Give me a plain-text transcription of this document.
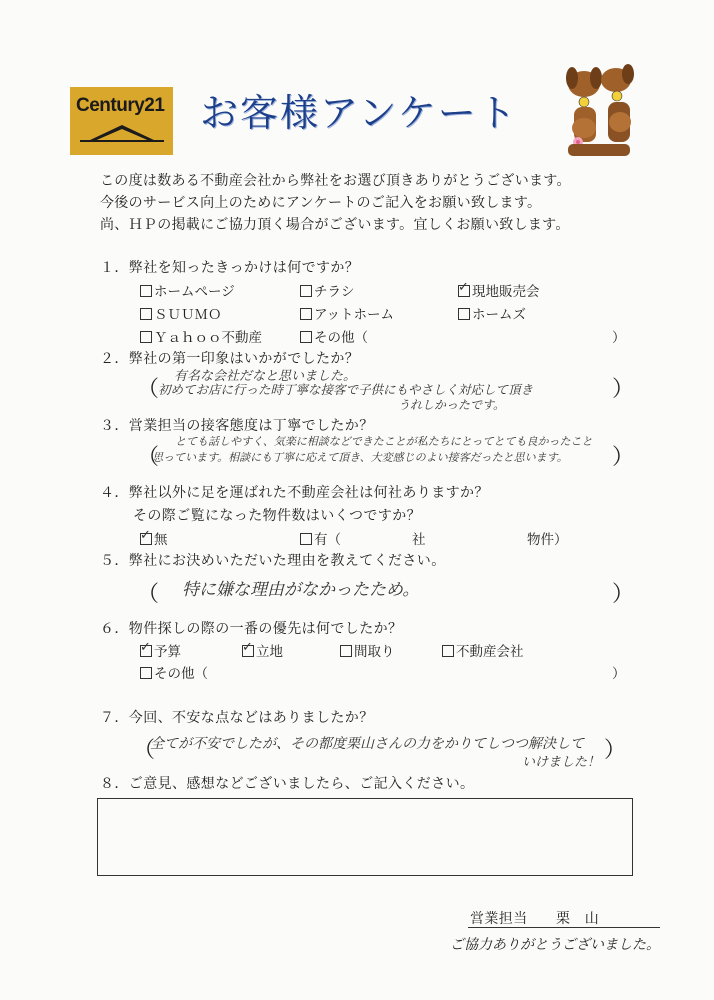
Century21 お客様アンケート
この度は数ある不動産会社から弊社をお選び頂きありがとうございます。
今後のサービス向上のためにアンケートのご記入をお願い致します。
尚、ＨＰの掲載にご協力頂く場合がございます。宜しくお願い致します。
１．弊社を知ったきっかけは何ですか？
ホームページ	チラシ	✓ 現地販売会
ＳＵＵＭＯ	アットホーム	ホームズ
Ｙａｈｏｏ不動産	その他（	）
２．弊社の第一印象はいかがでしたか？
（
有名な会社だなと思いました。
初めてお店に行った時丁寧な接客で子供にもやさしく対応して頂き
うれしかったです。
）
３．営業担当の接客態度は丁寧でしたか？
（
とても話しやすく、気楽に相談などできたことが私たちにとってとても良かったこと
思っています。相談にも丁寧に応えて頂き、大変感じのよい接客だったと思います。 ）
４．弊社以外に足を運ばれた不動産会社は何社ありますか？
その際ご覧になった物件数はいくつですか？
✓ 無	有（	社	物件）
５．弊社にお決めいただいた理由を教えてください。
（ 特に嫌な理由がなかったため。	）
６．物件探しの際の一番の優先は何でしたか？
✓ 予算	✓ 立地	間取り	不動産会社
その他（	）
７．今回、不安な点などはありましたか？
（
全てが不安でしたが、その都度栗山さんの力をかりてしつつ解決して
いけました！ ）
８．ご意見、感想などございましたら、ご記入ください。
営業担当 栗　山
ご協力ありがとうございました。
